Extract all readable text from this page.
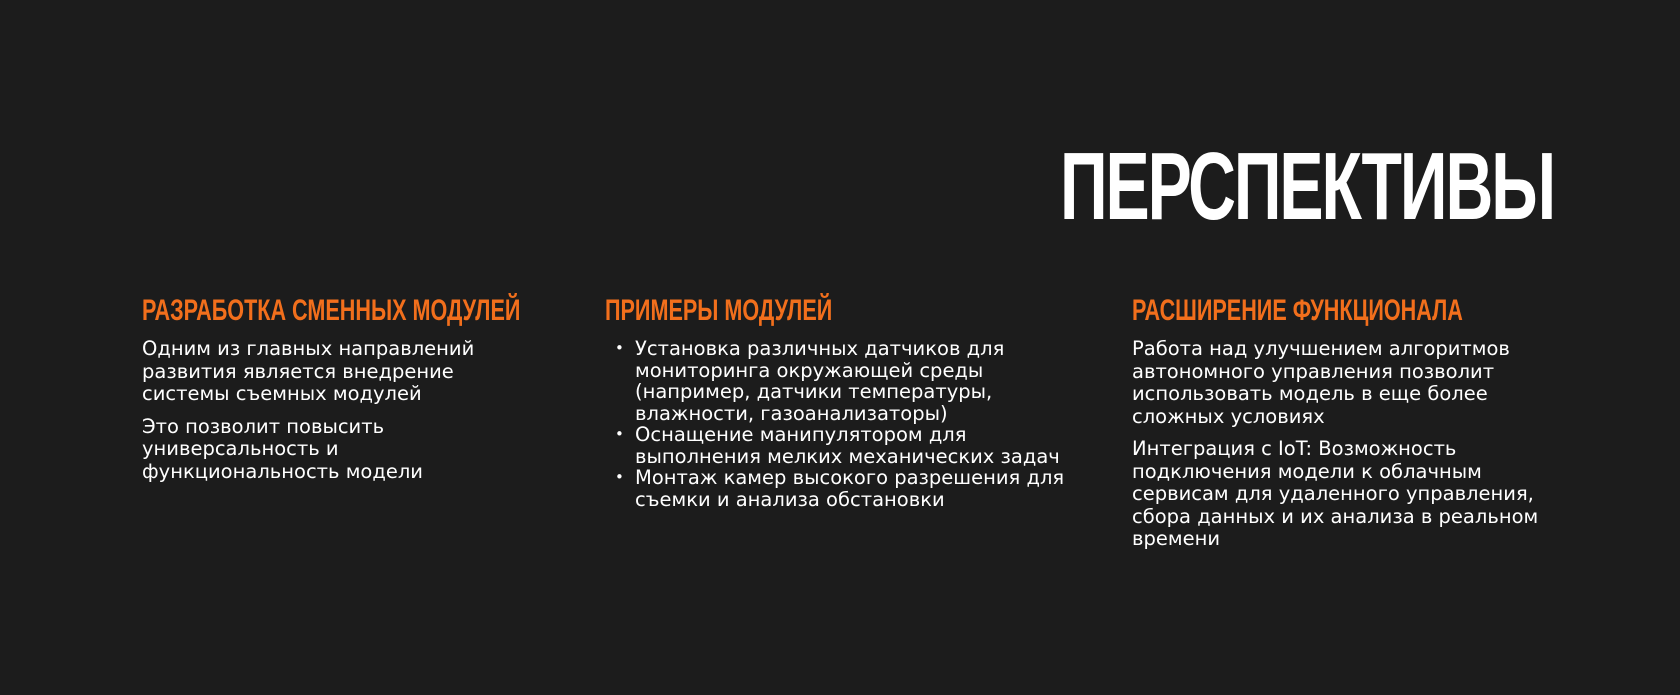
ПЕРСПЕКТИВЫ
РАЗРАБОТКА СМЕННЫХ МОДУЛЕЙ

Одним из главных направлений развития является внедрение системы съемных модулей

Это позволит повысить универсальность и функциональность модели

ПРИМЕРЫ МОДУЛЕЙ
• Установка различных датчиков для мониторинга окружающей среды (например, датчики температуры, влажности, газоанализаторы)
• Оснащение манипулятором для выполнения мелких механических задач
• Монтаж камер высокого разрешения для съемки и анализа обстановки
РАСШИРЕНИЕ ФУНКЦИОНАЛА

Работа над улучшением алгоритмов автономного управления позволит использовать модель в еще более сложных условиях

Интеграция с IoT: Возможность подключения модели к облачным сервисам для удаленного управления, сбора данных и их анализа в реальном времени
